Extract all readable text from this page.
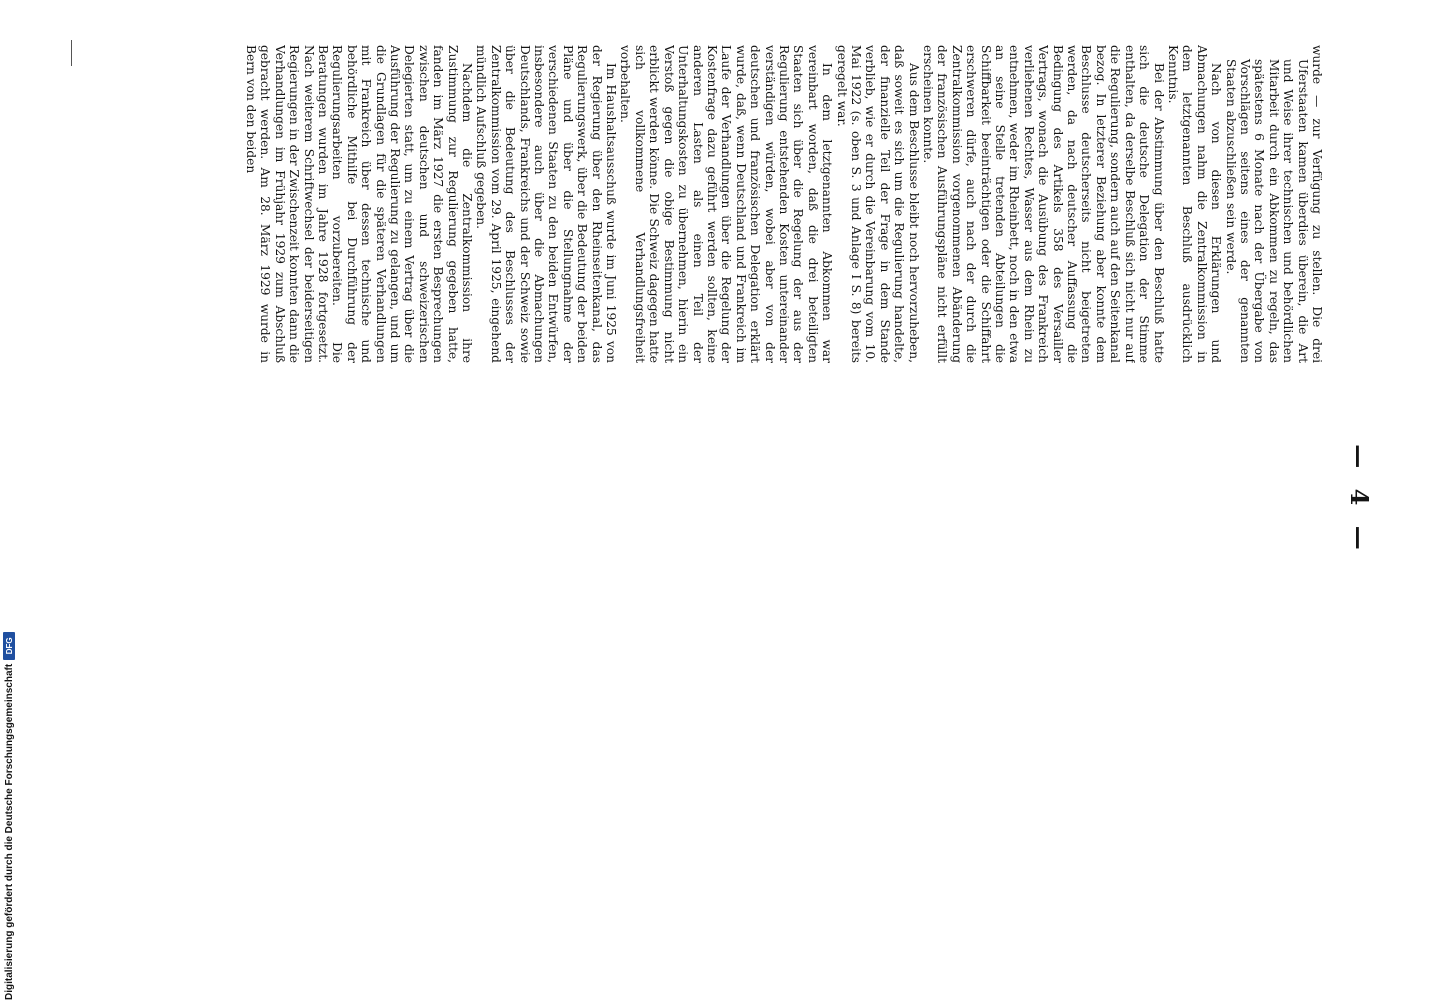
— 4 —

wurde — zur Verfügung zu stellen. Die drei Uferstaaten kamen überdies überein, die Art und Weise ihrer technischen und behördlichen Mitarbeit durch ein Abkommen zu regeln, das spätestens 6 Monate nach der Übergabe von Vorschlägen seitens eines der genannten Staaten abzuschließen sein werde.

Nach von diesen Erklärungen und Abmachungen nahm die Zentralkommission in dem letztgenannten Beschluß ausdrücklich Kenntnis.

Bei der Abstimmung über den Beschluß hatte sich die deutsche Delegation der Stimme enthalten, da derselbe Beschluß sich nicht nur auf die Regulierung, sondern auch auf den Seitenkanal bezog. In letzterer Beziehung aber konnte dem Beschlusse deutscherseits nicht beigetreten werden, da nach deutscher Auffassung die Bedingung des Artikels 358 des Versailler Vertrags, wonach die Ausübung des Frankreich verliehenen Rechtes, Wasser aus dem Rhein zu entnehmen, weder im Rheinbett, noch in den etwa an seine Stelle tretenden Abteilungen die Schiffbarkeit beeinträchtigen oder die Schiffahrt erschweren dürfe, auch nach der durch die Zentralkommission vorgenommenen Abänderung der französischen Ausführungspläne nicht erfüllt erscheinen konnte.

Aus dem Beschlusse bleibt noch hervorzuheben, daß soweit es sich um die Regulierung handelte, der finanzielle Teil der Frage in dem Stande verblieb, wie er durch die Vereinbarung vom 10. Mai 1922 (s. oben S. 3 und Anlage I S. 8) bereits geregelt war.

In dem letztgenannten Abkommen war vereinbart worden, daß die drei beteiligten Staaten sich über die Regelung der aus der Regulierung entstehenden Kosten untereinander verständigen würden, wobei aber von der deutschen und französischen Delegation erklärt wurde, daß, wenn Deutschland und Frankreich im Laufe der Verhandlungen über die Regelung der Kostenfrage dazu geführt werden sollten, keine anderen Lasten als einen Teil der Unterhaltungskosten zu übernehmen, hierin ein Verstoß gegen die obige Bestimmung nicht erblickt werden könne. Die Schweiz dagegen hatte sich vollkommene Verhandlungsfreiheit vorbehalten.

Im Haushaltsausschuß wurde im Juni 1925 von der Regierung über den Rheinseitenkanal, das Regulierungswerk, über die Bedeutung der beiden Pläne und über die Stellungnahme der verschiedenen Staaten zu den beiden Entwürfen, insbesondere auch über die Abmachungen Deutschlands, Frankreichs und der Schweiz sowie über die Bedeutung des Beschlusses der Zentralkommission vom 29. April 1925, eingehend mündlich Aufschluß gegeben.

Nachdem die Zentralkommission ihre Zustimmung zur Regulierung gegeben hatte, fanden im März 1927 die ersten Besprechungen zwischen deutschen und schweizerischen Delegierten statt, um zu einem Vertrag über die Ausführung der Regulierung zu gelangen, und um die Grundlagen für die späteren Verhandlungen mit Frankreich über dessen technische und behördliche Mithilfe bei Durchführung der Regulierungsarbeiten vorzubereiten. Die Beratungen wurden im Jahre 1928 fortgesetzt. Nach weiterem Schriftwechsel der beiderseitigen Regierungen in der Zwischenzeit konnten dann die Verhandlungen im Frühjahr 1929 zum Abschluß gebracht werden. Am 28. März 1929 wurde in Bern von den beiden

Digitalisierung gefördert durch die Deutsche Forschungsgemeinschaft
DFG
